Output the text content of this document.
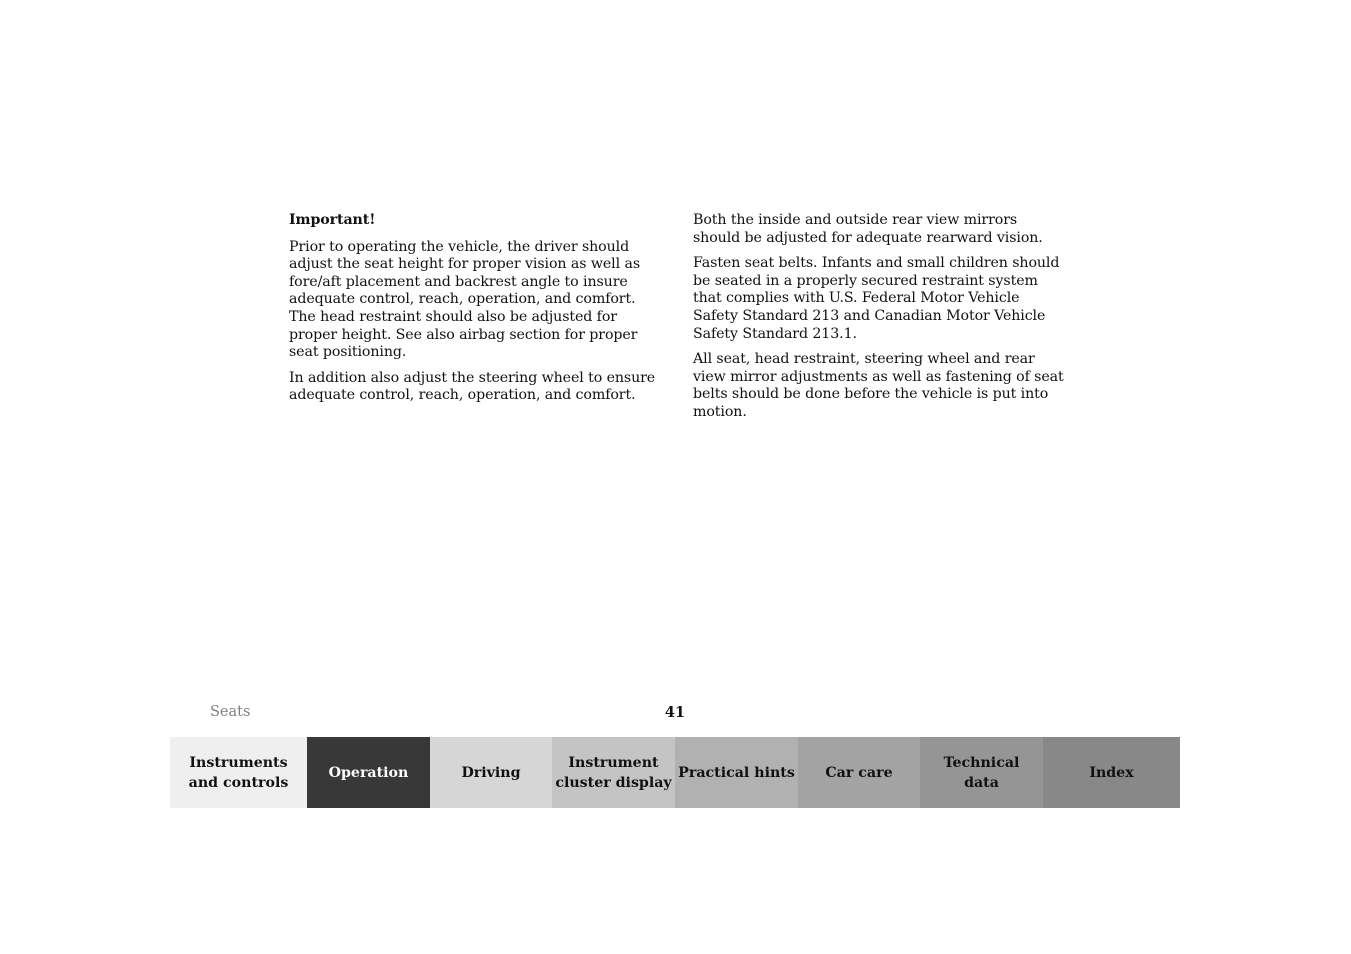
Important!

Prior to operating the vehicle, the driver should adjust the seat height for proper vision as well as fore/aft placement and backrest angle to insure adequate control, reach, operation, and comfort. The head restraint should also be adjusted for proper height. See also airbag section for proper seat positioning.

In addition also adjust the steering wheel to ensure adequate control, reach, operation, and comfort.

Both the inside and outside rear view mirrors should be adjusted for adequate rearward vision.

Fasten seat belts. Infants and small children should be seated in a properly secured restraint system that complies with U.S. Federal Motor Vehicle Safety Standard 213 and Canadian Motor Vehicle Safety Standard 213.1.

All seat, head restraint, steering wheel and rear view mirror adjustments as well as fastening of seat belts should be done before the vehicle is put into motion.

Seats	41
Instruments
and controls
Operation	Driving
Instrument
cluster display
Practical hints	Car care
Technical
data
Index
